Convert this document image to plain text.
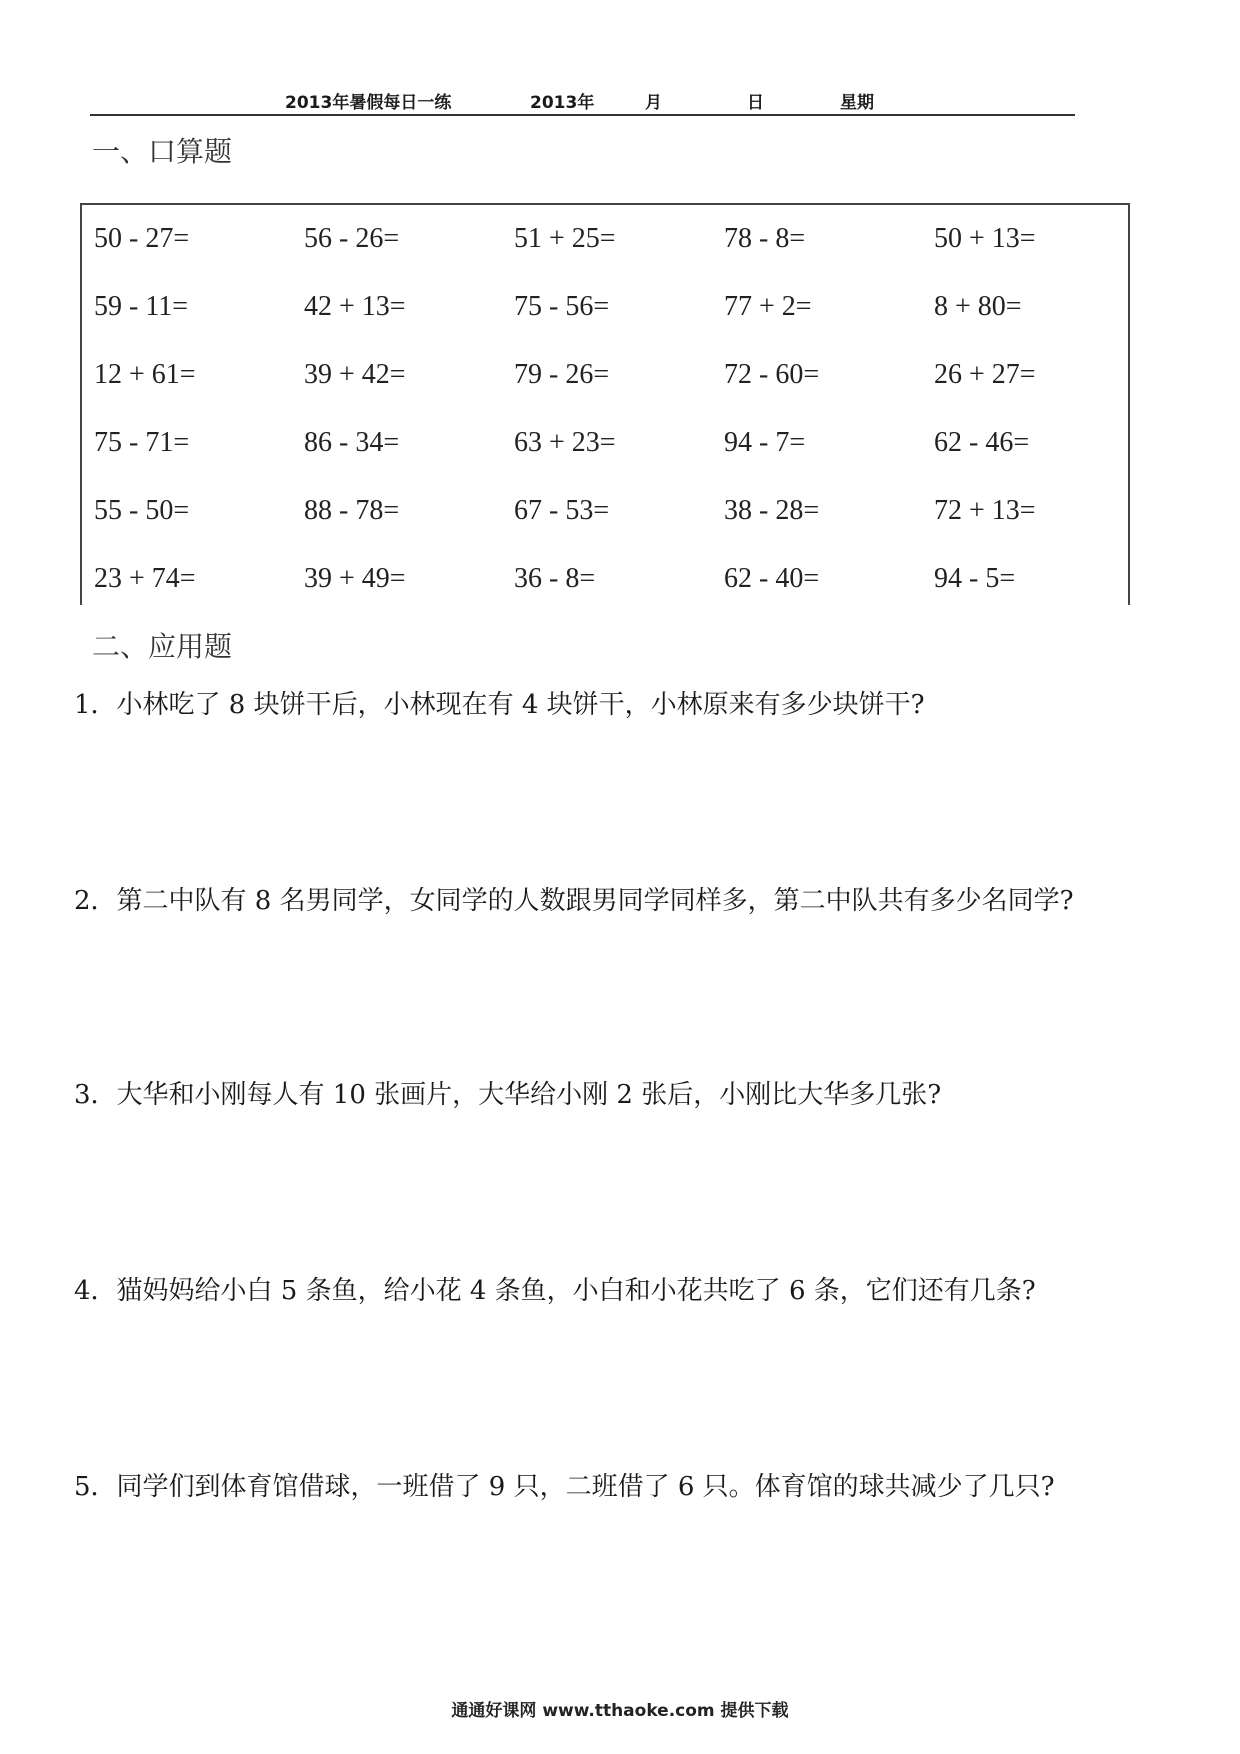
2013年暑假每日一练	2013年	月	日	星期
一、口算题
50 - 27=	56 - 26=	51 + 25=	78 - 8=	50 + 13=
59 - 11=	42 + 13=	75 - 56=	77 + 2=	8 + 80=
12 + 61=	39 + 42=	79 - 26=	72 - 60=	26 + 27=
75 - 71=	86 - 34=	63 + 23=	94 - 7=	62 - 46=
55 - 50=	88 - 78=	67 - 53=	38 - 28=	72 + 13=
23 + 74=	39 + 49=	36 - 8=	62 - 40=	94 - 5=
二、应用题
1．小林吃了 8 块饼干后，小林现在有 4 块饼干，小林原来有多少块饼干?
2．第二中队有 8 名男同学，女同学的人数跟男同学同样多，第二中队共有多少名同学?
3．大华和小刚每人有 10 张画片，大华给小刚 2 张后，小刚比大华多几张?
4．猫妈妈给小白 5 条鱼，给小花 4 条鱼，小白和小花共吃了 6 条，它们还有几条?
5．同学们到体育馆借球，一班借了 9 只，二班借了 6 只。体育馆的球共减少了几只?
通通好课网 www.tthaoke.com 提供下载
